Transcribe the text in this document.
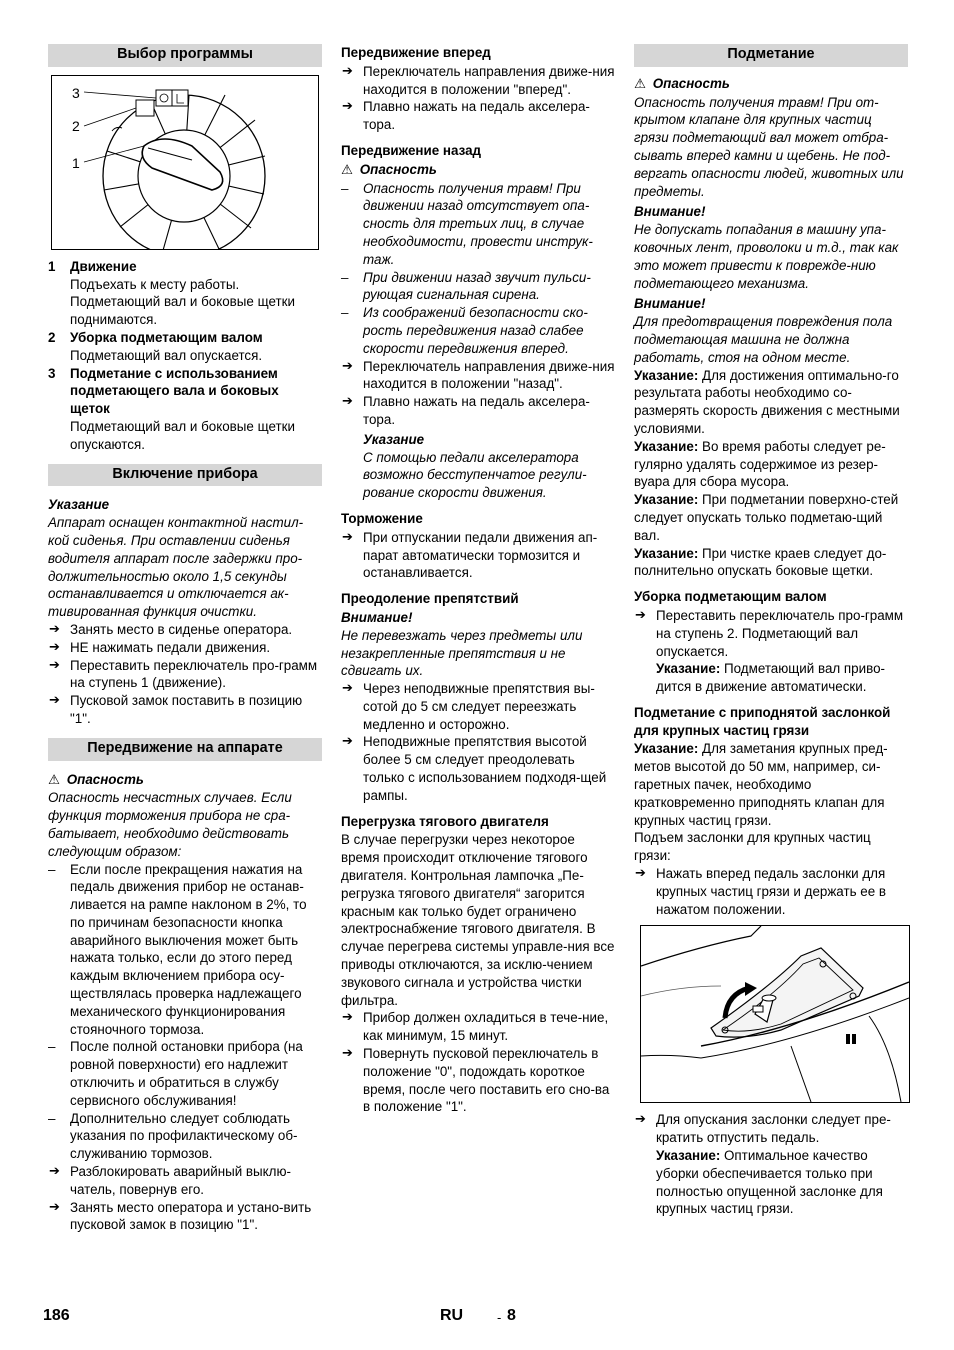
Выбор программы
3
2
1
1 Движение
Подъехать к месту работы. Подметающий вал и боковые щетки поднимаются.
2 Уборка подметающим валом
Подметающий вал опускается.
3 Подметание с использованием подметающего вала и боковых щеток
Подметающий вал и боковые щетки опускаются.
Включение прибора

Указание

Аппарат оснащен контактной настил-кой сиденья. При оставлении сиденья водителя аппарат после задержки про-должительностью около 1,5 секунды останавливается и отключается ак-тивированная функция очистки.

➔ Занять место в сиденье оператора.
➔ НЕ нажимать педали движения.
➔ Переставить переключатель про-грамм на ступень 1 (движение).
➔ Пусковой замок поставить в позицию "1".
Передвижение на аппарате

⚠ Опасность

Опасность несчастных случаев. Если функция торможения прибора не сра-батывает, необходимо действовать следующим образом:

– Если после прекращения нажатия на педаль движения прибор не останав-ливается на рампе наклоном в 2%, то по причинам безопасности кнопка аварийного выключения может быть нажата только, если до этого перед каждым включением прибора осу-ществлялась проверка надлежащего механического функционирования стояночного тормоза.
– После полной остановки прибора (на ровной поверхности) его надлежит отключить и обратиться в службу сервисного обслуживания!
– Дополнительно следует соблюдать указания по профилактическому об-служиванию тормозов.
➔ Разблокировать аварийный выклю-чатель, повернув его.
➔ Занять место оператора и устано-вить пусковой замок в позицию "1".

Передвижение вперед

➔ Переключатель направления движе-ния находится в положении "вперед".
➔ Плавно нажать на педаль акселера-тора.

Передвижение назад

⚠ Опасность

– Опасность получения травм! При движении назад отсутствует опа-сность для третьих лиц, в случае необходимости, провести инструк-таж.
– При движении назад звучит пульси-рующая сигнальная сирена.
– Из соображений безопасности ско-рость передвижения назад слабее скорости передвижения вперед.
➔ Переключатель направления движе-ния находится в положении "назад".
➔ Плавно нажать на педаль акселера-тора.

Указание

С помощью педали акселератора возможно бесступенчатое регули-рование скорости движения.

Торможение

➔ При отпускании педали движения ап-парат автоматически тормозится и останавливается.

Преодоление препятствий

Внимание!

Не перевезжать через предметы или незакрепленные препятствия и не сдвигать их.

➔ Через неподвижные препятствия вы-сотой до 5 см следует переезжать медленно и осторожно.
➔ Неподвижные препятствия высотой более 5 см следует преодолевать только с использованием подходя-щей рампы.

Перегрузка тягового двигателя

В случае перегрузки через некоторое время происходит отключение тягового двигателя. Контрольная лампочка „Пе-регрузка тягового двигателя“ загорится красным как только будет ограничено электроснабжение тягового двигателя. В случае перегрева системы управле-ния все приводы отключаются, за исклю-чением звукового сигнала и устройства чистки фильтра.

➔ Прибор должен охладиться в тече-ние, как минимум, 15 минут.
➔ Повернуть пусковой переключатель в положение "0", подождать короткое время, после чего поставить его сно-ва в положение "1".
Подметание

⚠ Опасность

Опасность получения травм! При от-крытом клапане для крупных частиц грязи подметающий вал может отбра-сывать вперед камни и щебень. Не под-вергать опасности людей, животных или предметы.

Внимание!

Не допускать попадания в машину упа-ковочных лент, проволоки и т.д., так как это может привести к поврежде-нию подметающего механизма.

Внимание!

Для предотвращения повреждения пола подметающая машина не должна работать, стоя на одном месте.

Указание: Для достижения оптимально-го результата работы необходимо со-размерять скорость движения с местными условиями.

Указание: Во время работы следует ре-гулярно удалять содержимое из резер-вуара для сбора мусора.

Указание: При подметании поверхно-стей следует опускать только подметаю-щий вал.

Указание: При чистке краев следует до-полнительно опускать боковые щетки.

Уборка подметающим валом

➔ Переставить переключатель про-грамм на ступень 2. Подметающий вал опускается.

Указание: Подметающий вал приво-дится в движение автоматически.

Подметание с приподнятой заслонкой для крупных частиц грязи

Указание: Для заметания крупных пред-метов высотой до 50 мм, например, си-гаретных пачек, необходимо кратковременно приподнять клапан для крупных частиц грязи.

Подъем заслонки для крупных частиц грязи:

➔ Нажать вперед педаль заслонки для крупных частиц грязи и держать ее в нажатом положении.
➔ Для опускания заслонки следует пре-кратить отпустить педаль.

Указание: Оптимальное качество уборки обеспечивается только при полностью опущенной заслонке для крупных частиц грязи.

186	RU	- 8
